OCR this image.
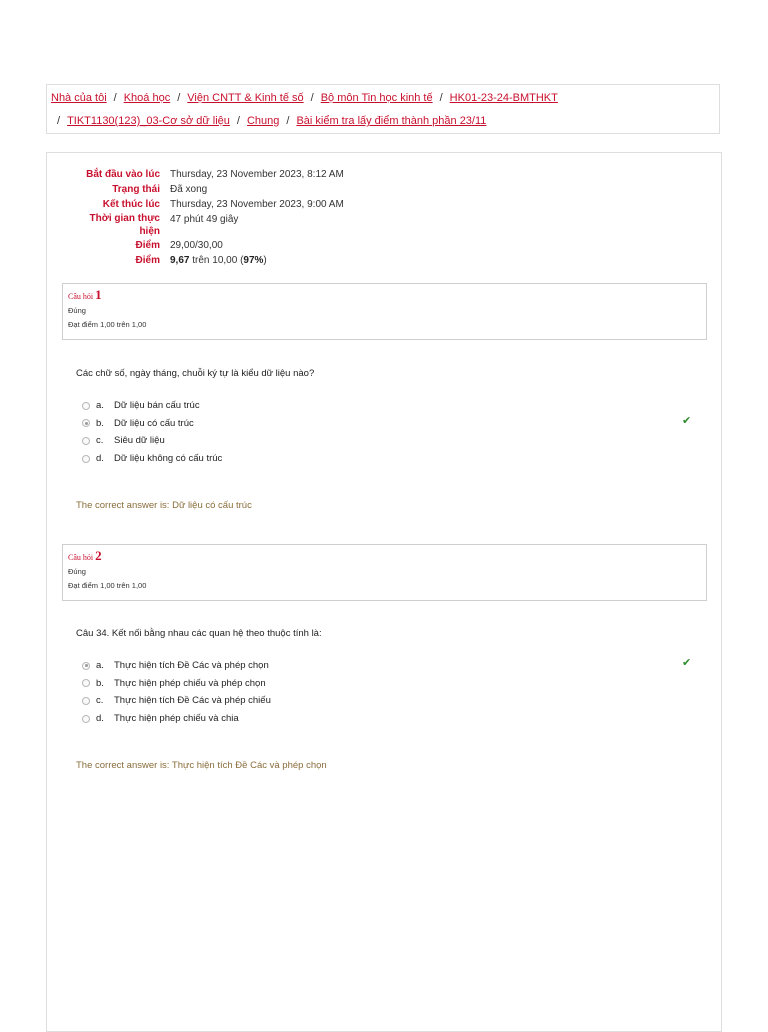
Nhà của tôi / Khoá học / Viện CNTT & Kinh tế số / Bộ môn Tin học kinh tế / HK01-23-24-BMTHKT
/ TIKT1130(123)_03-Cơ sở dữ liệu / Chung / Bài kiểm tra lấy điểm thành phần 23/11
Bắt đầu vào lúc	Thursday, 23 November 2023, 8:12 AM
Trạng thái	Đã xong
Kết thúc lúc	Thursday, 23 November 2023, 9:00 AM
Thời gian thực hiện	47 phút 49 giây
Điểm	29,00/30,00
Điểm	9,67 trên 10,00 (97%)
Câu hỏi 1
Đúng
Đạt điểm 1,00 trên 1,00
Các chữ số, ngày tháng, chuỗi ký tự là kiểu dữ liệu nào?
a.	Dữ liệu bán cấu trúc
b.	Dữ liệu có cấu trúc
c.	Siêu dữ liệu
d.	Dữ liệu không có cấu trúc
✔
The correct answer is: Dữ liệu có cấu trúc
Câu hỏi 2
Đúng
Đạt điểm 1,00 trên 1,00
Câu 34. Kết nối bằng nhau các quan hệ theo thuộc tính là:
a.	Thực hiện tích Đề Các và phép chọn
b.	Thực hiện phép chiếu và phép chọn
c.	Thực hiện tích Đề Các và phép chiếu
d.	Thực hiện phép chiếu và chia
✔
The correct answer is: Thực hiện tích Đề Các và phép chọn
